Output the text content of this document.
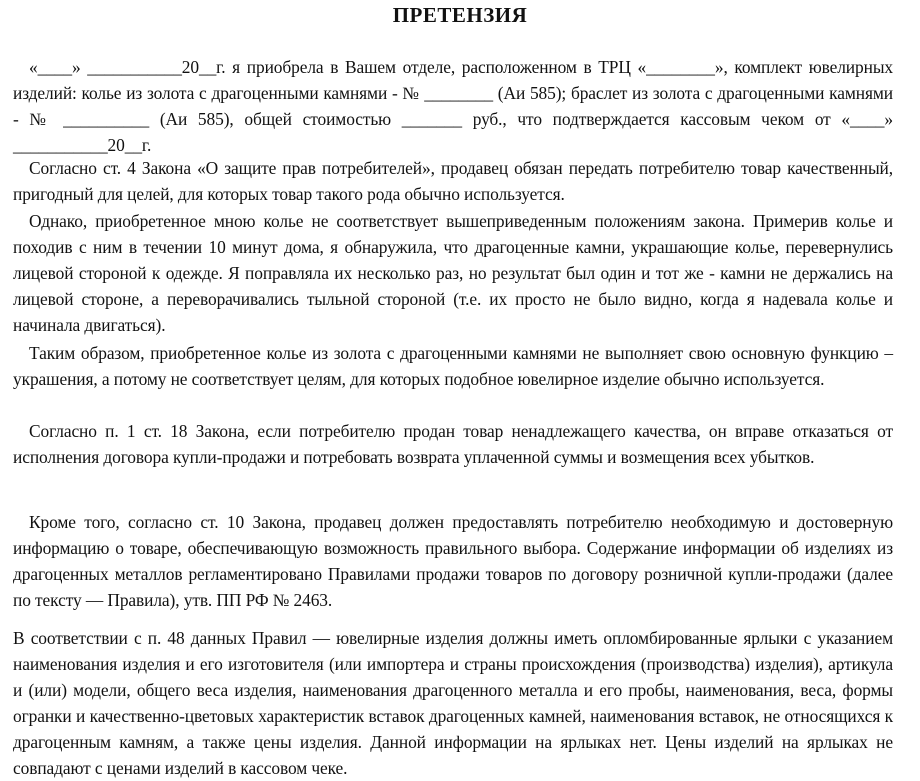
ПРЕТЕНЗИЯ

«____» ___________20__г. я приобрела в Вашем отделе, расположенном в ТРЦ «________», комплект ювелирных изделий: колье из золота с драгоценными камнями - № ________ (Аи 585); браслет из золота с драгоценными камнями - № __________ (Аи 585), общей стоимостью _______ руб., что подтверждается кассовым чеком от «____» ___________20__г.

Согласно ст. 4 Закона «О защите прав потребителей», продавец обязан передать потребителю товар качественный, пригодный для целей, для которых товар такого рода обычно используется.

Однако, приобретенное мною колье не соответствует вышеприведенным положениям закона. Примерив колье и походив с ним в течении 10 минут дома, я обнаружила, что драгоценные камни, украшающие колье, перевернулись лицевой стороной к одежде. Я поправляла их несколько раз, но результат был один и тот же - камни не держались на лицевой стороне, а переворачивались тыльной стороной (т.е. их просто не было видно, когда я надевала колье и начинала двигаться).

Таким образом, приобретенное колье из золота с драгоценными камнями не выполняет свою основную функцию – украшения, а потому не соответствует целям, для которых подобное ювелирное изделие обычно используется.

Согласно п. 1 ст. 18 Закона, если потребителю продан товар ненадлежащего качества, он вправе отказаться от исполнения договора купли-продажи и потребовать возврата уплаченной суммы и возмещения всех убытков.

Кроме того, согласно ст. 10 Закона, продавец должен предоставлять потребителю необходимую и достоверную информацию о товаре, обеспечивающую возможность правильного выбора. Содержание информации об изделиях из драгоценных металлов регламентировано Правилами продажи товаров по договору розничной купли-продажи (далее по тексту — Правила), утв. ПП РФ № 2463.

В соответствии с п. 48 данных Правил — ювелирные изделия должны иметь опломбированные ярлыки с указанием наименования изделия и его изготовителя (или импортера и страны происхождения (производства) изделия), артикула и (или) модели, общего веса изделия, наименования драгоценного металла и его пробы, наименования, веса, формы огранки и качественно-цветовых характеристик вставок драгоценных камней, наименования вставок, не относящихся к драгоценным камням, а также цены изделия. Данной информации на ярлыках нет. Цены изделий на ярлыках не совпадают с ценами изделий в кассовом чеке.
